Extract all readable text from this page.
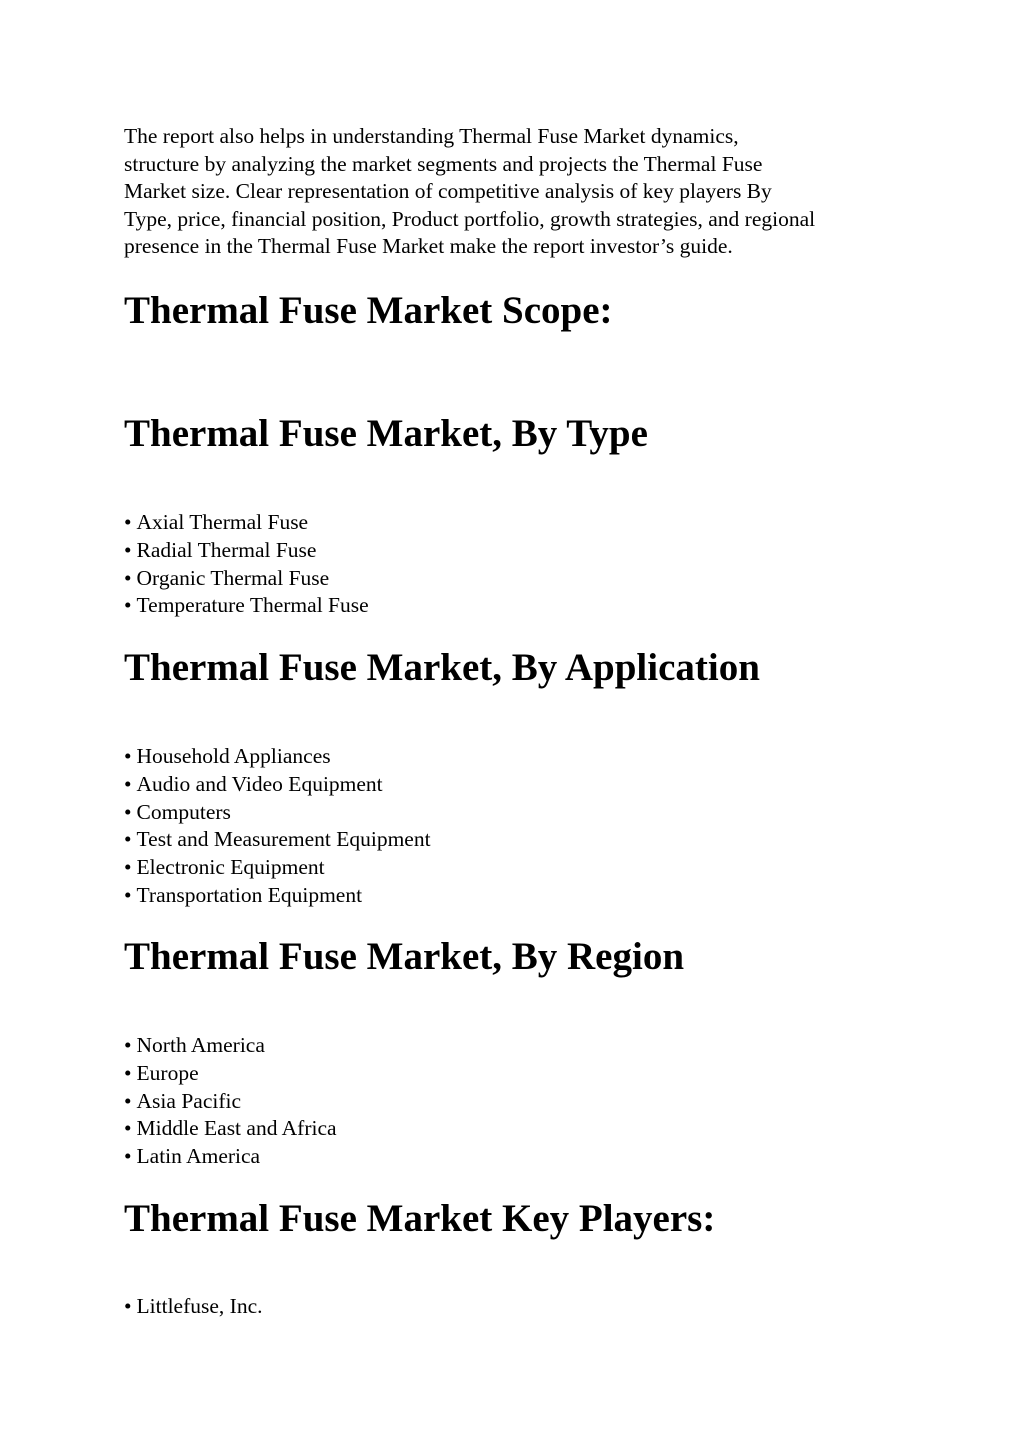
The report also helps in understanding Thermal Fuse Market dynamics,
structure by analyzing the market segments and projects the Thermal Fuse
Market size. Clear representation of competitive analysis of key players By
Type, price, financial position, Product portfolio, growth strategies, and regional
presence in the Thermal Fuse Market make the report investor’s guide.

Thermal Fuse Market Scope:
Thermal Fuse Market, By Type
• Axial Thermal Fuse
• Radial Thermal Fuse
• Organic Thermal Fuse
• Temperature Thermal Fuse
Thermal Fuse Market, By Application
• Household Appliances
• Audio and Video Equipment
• Computers
• Test and Measurement Equipment
• Electronic Equipment
• Transportation Equipment
Thermal Fuse Market, By Region
• North America
• Europe
• Asia Pacific
• Middle East and Africa
• Latin America
Thermal Fuse Market Key Players:
• Littlefuse, Inc.
